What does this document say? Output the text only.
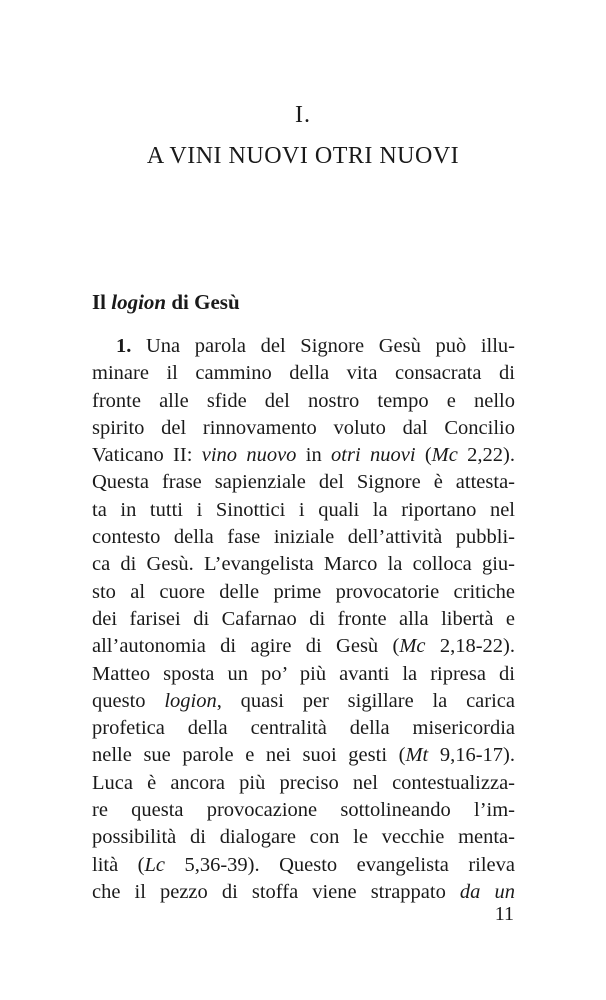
I.
A VINI NUOVI OTRI NUOVI
Il logion di Gesù
1. Una parola del Signore Gesù può illu-
minare il cammino della vita consacrata di
fronte alle sfide del nostro tempo e nello
spirito del rinnovamento voluto dal Concilio
Vaticano II: vino nuovo in otri nuovi (Mc 2,22).
Questa frase sapienziale del Signore è attesta-
ta in tutti i Sinottici i quali la riportano nel
contesto della fase iniziale dell’attività pubbli-
ca di Gesù. L’evangelista Marco la colloca giu-
sto al cuore delle prime provocatorie critiche
dei farisei di Cafarnao di fronte alla libertà e
all’autonomia di agire di Gesù (Mc 2,18-22).
Matteo sposta un po’ più avanti la ripresa di
questo logion, quasi per sigillare la carica
profetica della centralità della misericordia
nelle sue parole e nei suoi gesti (Mt 9,16-17).
Luca è ancora più preciso nel contestualizza-
re questa provocazione sottolineando l’im-
possibilità di dialogare con le vecchie menta-
lità (Lc 5,36-39). Questo evangelista rileva
che il pezzo di stoffa viene strappato da un
11
